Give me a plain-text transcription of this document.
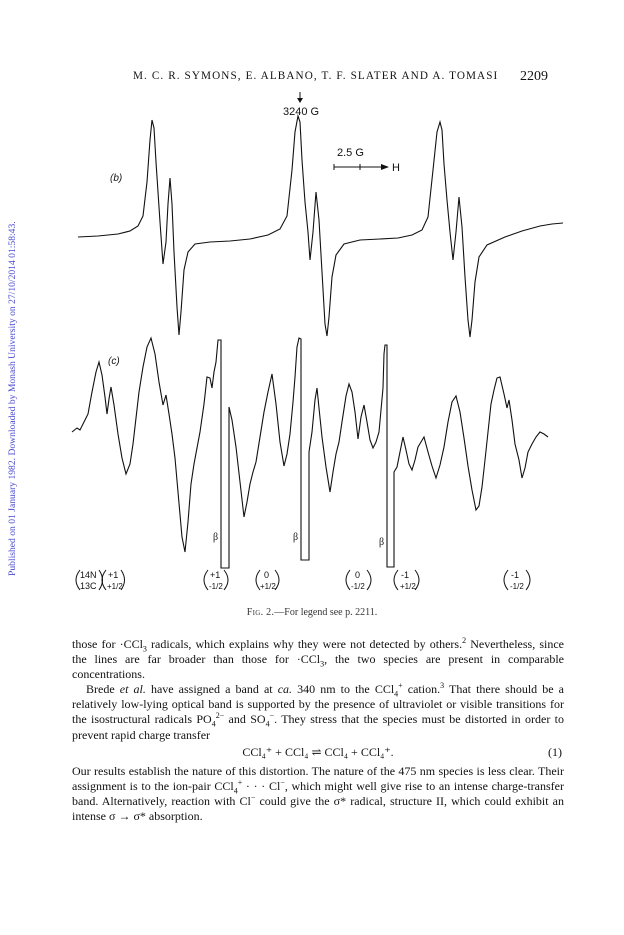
M. C. R. SYMONS, E. ALBANO, T. F. SLATER AND A. TOMASI 2209
Published on 01 January 1982. Downloaded by Monash University on 27/10/2014 01:58:43.
3240 G
2.5 G
H
(b)
(c)
β	β	β
14N
13C
+1
+1/2
+1
-1/2
0
+1/2
0
-1/2
-1
+1/2
-1
-1/2
Fig. 2.—For legend see p. 2211.

those for ·CCl$_3$ radicals, which explains why they were not detected by others.$^2$ Nevertheless, since the lines are far broader than those for ·CCl$_3$, the two species are present in comparable concentrations.

Brede et al. have assigned a band at ca. 340 nm to the CCl$_4$+ cation.$^3$ That there should be a relatively low-lying optical band is supported by the presence of ultraviolet or visible transitions for the isostructural radicals $PO_4^{2-}$ and $SO_4^-$. They stress that the species must be distorted in order to prevent rapid charge transfer

CCl₄⁺ + CCl₄ ⇌ CCl₄ + CCl₄⁺.	(1)

Our results establish the nature of this distortion. The nature of the 475 nm species is less clear. Their assignment is to the ion-pair CCl$_4$+ · · · Cl−, which might well give rise to an intense charge-transfer band. Alternatively, reaction with Cl− could give the σ* radical, structure II, which could exhibit an intense σ → σ* absorption.
